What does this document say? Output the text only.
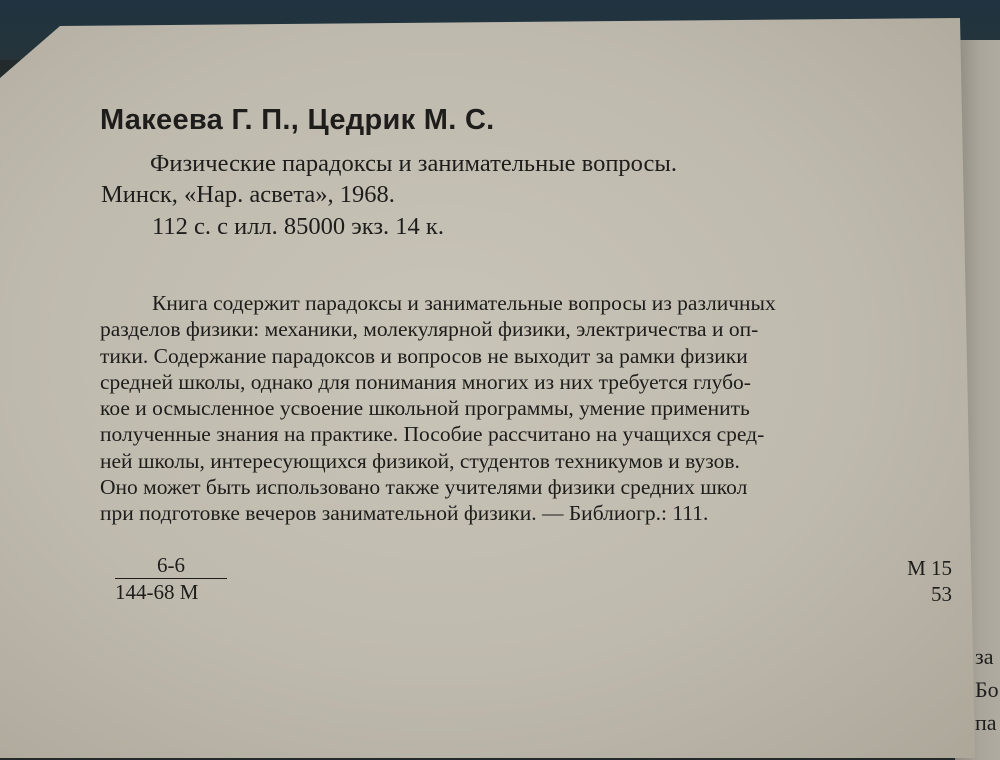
Макеева Г. П., Цедрик М. С.
Физические парадоксы и занимательные вопросы.
Минск, «Нар. асвета», 1968.
112 с. с илл. 85000 экз. 14 к.
Книга содержит парадоксы и занимательные вопросы из различных
разделов физики: механики, молекулярной физики, электричества и оп-
тики. Содержание парадоксов и вопросов не выходит за рамки физики
средней школы, однако для понимания многих из них требуется глубо-
кое и осмысленное усвоение школьной программы, умение применить
полученные знания на практике. Пособие рассчитано на учащихся сред-
ней школы, интересующихся физикой, студентов техникумов и вузов.
Оно может быть использовано также учителями физики средних школ
при подготовке вечеров занимательной физики. — Библиогр.: 111.
6-6
144-68 М
М 15
53
за
Бо
па
